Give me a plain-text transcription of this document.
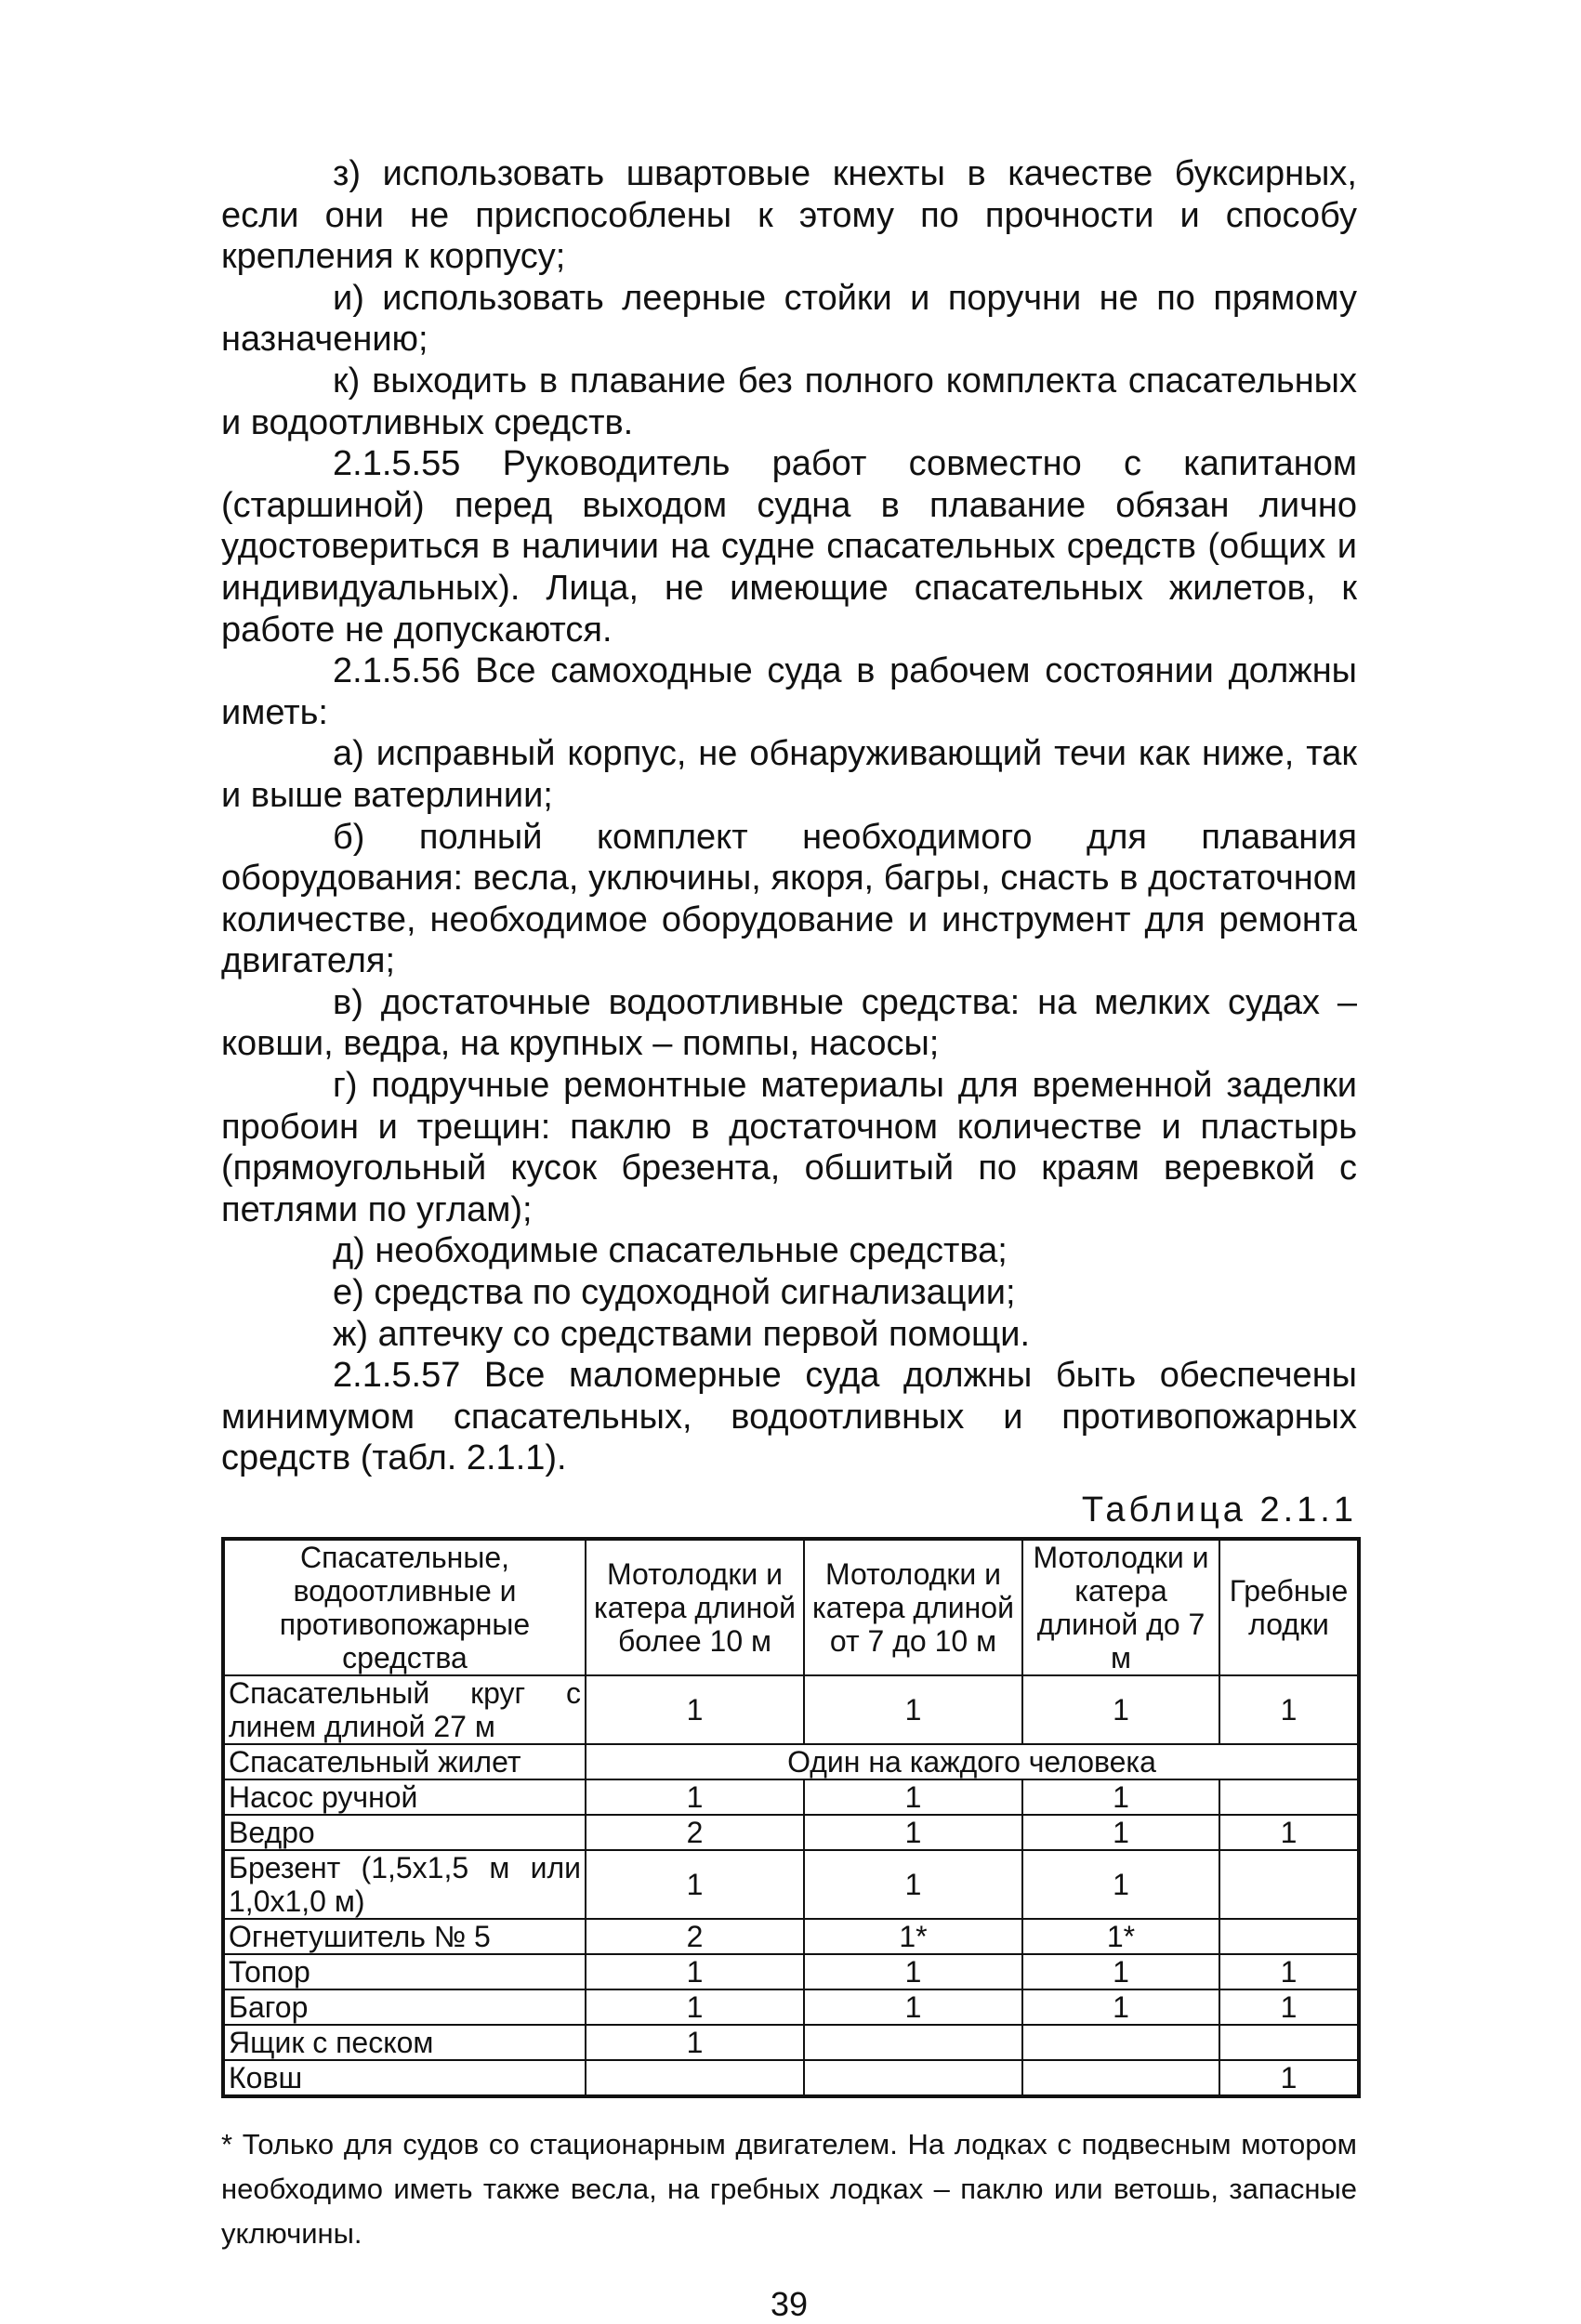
з) использовать швартовые кнехты в качестве буксирных, если они не приспособлены к этому по прочности и способу крепления к корпусу;

и) использовать леерные стойки и поручни не по прямому назначению;

к) выходить в плавание без полного комплекта спасательных и водоотливных средств.

2.1.5.55 Руководитель работ совместно с капитаном (старшиной) перед выходом судна в плавание обязан лично удостовериться в наличии на судне спасательных средств (общих и индивидуальных). Лица, не имеющие спасательных жилетов, к работе не допускаются.

2.1.5.56 Все самоходные суда в рабочем состоянии должны иметь:

а) исправный корпус, не обнаруживающий течи как ниже, так и выше ватерлинии;

б) полный комплект необходимого для плавания оборудования: весла, уключины, якоря, багры, снасть в достаточном количестве, необходимое оборудование и инструмент для ремонта двигателя;

в) достаточные водоотливные средства: на мелких судах – ковши, ведра, на крупных – помпы, насосы;

г) подручные ремонтные материалы для временной заделки пробоин и трещин: паклю в достаточном количестве и пластырь (прямоугольный кусок брезента, обшитый по краям веревкой с петлями по углам);

д) необходимые спасательные средства;

е) средства по судоходной сигнализации;

ж) аптечку со средствами первой помощи.

2.1.5.57 Все маломерные суда должны быть обеспечены минимумом спасательных, водоотливных и противопожарных средств (табл. 2.1.1).

Таблица 2.1.1
Спасательные, водоотливные и противопожарные средства	Мотолодки и катера длиной более 10 м	Мотолодки и катера длиной от 7 до 10 м	Мотолодки и катера длиной до 7 м	Гребные лодки
Спасательный круг с линем длиной 27 м	1	1	1	1
Спасательный жилет	Один на каждого человека			
Насос ручной	1	1	1	
Ведро	2	1	1	1
Брезент (1,5х1,5 м или 1,0х1,0 м)	1	1	1	
Огнетушитель № 5	2	1*	1*	
Топор	1	1	1	1
Багор	1	1	1	1
Ящик с песком	1			
Ковш				1

* Только для судов со стационарным двигателем. На лодках с подвесным мотором необходимо иметь также весла, на гребных лодках – паклю или ветошь, запасные уключины.

39
